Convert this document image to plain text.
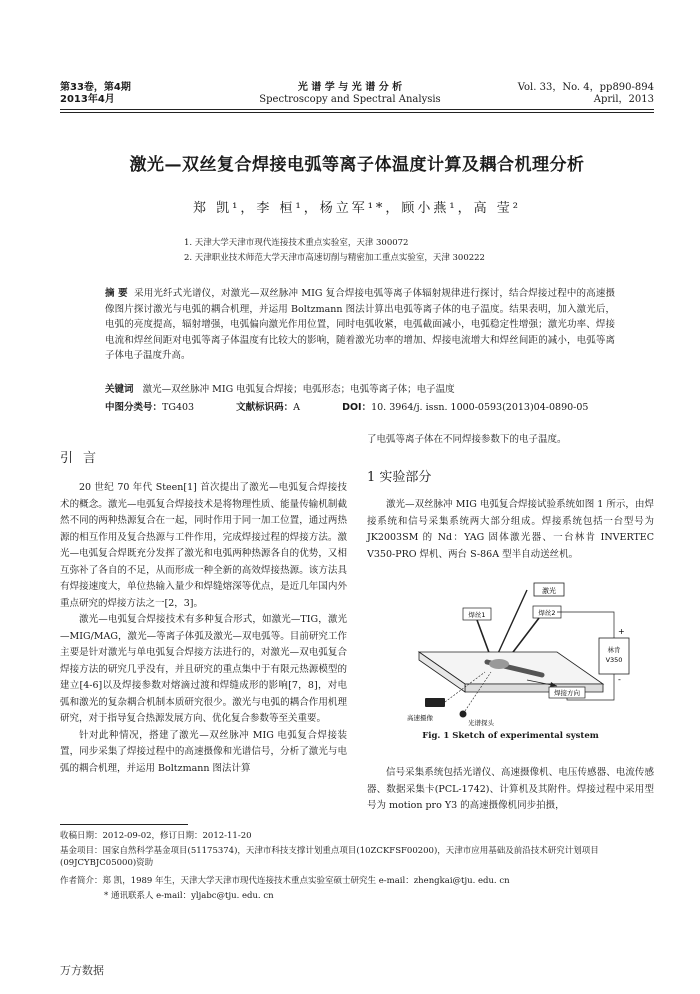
第33卷，第4期
2013年4月
光 谱 学 与 光 谱 分 析
Spectroscopy and Spectral Analysis
Vol. 33，No. 4，pp890-894
April，2013
激光—双丝复合焊接电弧等离子体温度计算及耦合机理分析
郑 凯¹，李 桓¹，杨立军¹*，顾小燕¹，高 莹²
1. 天津大学天津市现代连接技术重点实验室，天津 300072
2. 天津职业技术师范大学天津市高速切削与精密加工重点实验室，天津 300222
摘 要 采用光纤式光谱仪，对激光—双丝脉冲 MIG 复合焊接电弧等离子体辐射规律进行探讨，结合焊接过程中的高速摄像图片探讨激光与电弧的耦合机理，并运用 Boltzmann 图法计算出电弧等离子体的电子温度。结果表明，加入激光后，电弧的亮度提高，辐射增强，电弧偏向激光作用位置，同时电弧收紧，电弧截面减小，电弧稳定性增强；激光功率、焊接电流和焊丝间距对电弧等离子体温度有比较大的影响，随着激光功率的增加、焊接电流增大和焊丝间距的减小，电弧等离子体电子温度升高。
关键词 激光—双丝脉冲 MIG 电弧复合焊接；电弧形态；电弧等离子体；电子温度
中图分类号：TG403	文献标识码：A	DOI：10. 3964/j. issn. 1000-0593(2013)04-0890-05
引言

20 世纪 70 年代 Steen[1] 首次提出了激光—电弧复合焊接技术的概念。激光—电弧复合焊接技术是将物理性质、能量传输机制截然不同的两种热源复合在一起，同时作用于同一加工位置，通过两热源的相互作用及复合热源与工件作用，完成焊接过程的焊接方法。激光—电弧复合焊既充分发挥了激光和电弧两种热源各自的优势，又相互弥补了各自的不足，从而形成一种全新的高效焊接热源。该方法具有焊接速度大，单位热输入量少和焊缝熔深等优点，是近几年国内外重点研究的焊接方法之一[2，3]。

激光—电弧复合焊接技术有多种复合形式，如激光—TIG，激光—MIG/MAG，激光—等离子体弧及激光—双电弧等。目前研究工作主要是针对激光与单电弧复合焊接方法进行的，对激光—双电弧复合焊接方法的研究几乎没有，并且研究的重点集中于有限元热源模型的建立[4-6]以及焊接参数对熔滴过渡和焊缝成形的影响[7，8]，对电弧和激光的复杂耦合机制本质研究很少。激光与电弧的耦合作用机理研究，对于指导复合热源发展方向、优化复合参数等至关重要。

针对此种情况，搭建了激光—双丝脉冲 MIG 电弧复合焊接装置，同步采集了焊接过程中的高速摄像和光谱信号，分析了激光与电弧的耦合机理，并运用 Boltzmann 图法计算

了电弧等离子体在不同焊接参数下的电子温度。
1 实验部分

激光—双丝脉冲 MIG 电弧复合焊接试验系统如图 1 所示，由焊接系统和信号采集系统两大部分组成。焊接系统包括一台型号为 JK2003SM 的 Nd：YAG 固体激光器、一台林肯 INVERTEC V350-PRO 焊机、两台 S-86A 型半自动送丝机。

激光
焊丝1	焊丝2
林肯 V350
+
-
焊接方向
高速摄像
光谱探头
Fig. 1 Sketch of experimental system

信号采集系统包括光谱仪、高速摄像机、电压传感器、电流传感器、数据采集卡(PCL-1742)、计算机及其附件。焊接过程中采用型号为 motion pro Y3 的高速摄像机同步拍摄，

收稿日期：2012-09-02，修订日期：2012-11-20
基金项目：国家自然科学基金项目(51175374)，天津市科技支撑计划重点项目(10ZCKFSF00200)，天津市应用基础及前沿技术研究计划项目(09JCYBJC05000)资助
作者简介：郑 凯，1989 年生，天津大学天津市现代连接技术重点实验室硕士研究生 e-mail：zhengkai@tju. edu. cn
* 通讯联系人 e-mail：yljabc@tju. edu. cn
万方数据
